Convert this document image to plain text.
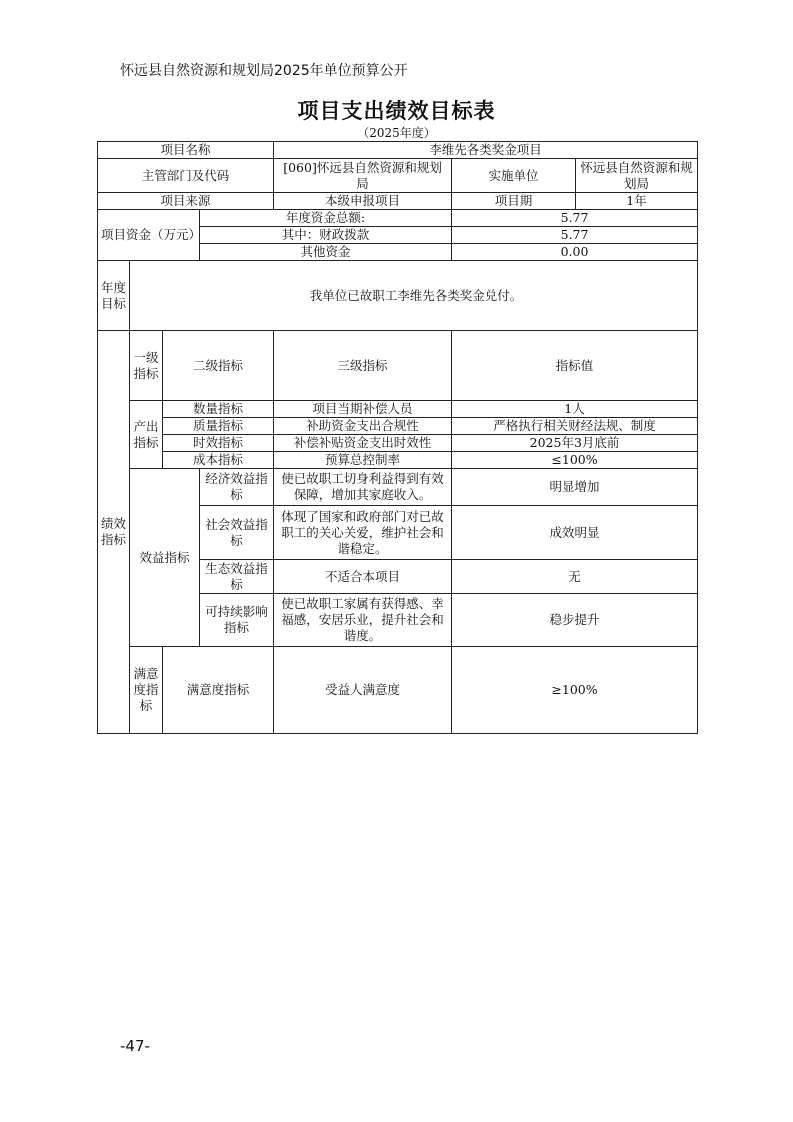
怀远县自然资源和规划局2025年单位预算公开
项目支出绩效目标表
（2025年度）
项目名称				李维先各类奖金项目		
主管部门及代码				[060]怀远县自然资源和规划局	实施单位	怀远县自然资源和规划局
项目来源				本级申报项目	项目期	1年
项目资金（万元）			年度资金总额:		5.77	
			其中：财政拨款		5.77	
			其他资金		0.00	
年度目标	我单位已故职工李维先各类奖金兑付。					
绩效指标	一级指标	二级指标		三级指标	指标值	
	产出指标	数量指标		项目当期补偿人员	1人	
		质量指标		补助资金支出合规性	严格执行相关财经法规、制度	
		时效指标		补偿补贴资金支出时效性	2025年3月底前	
		成本指标		预算总控制率	≤100%	
	效益指标		经济效益指标	使已故职工切身利益得到有效保障，增加其家庭收入。	明显增加	
			社会效益指标	体现了国家和政府部门对已故职工的关心关爱，维护社会和谐稳定。	成效明显	
			生态效益指标	不适合本项目	无	
			可持续影响指标	使已故职工家属有获得感、幸福感，安居乐业，提升社会和谐度。	稳步提升	
	满意度指标	满意度指标		受益人满意度	≥100%	
-47-
